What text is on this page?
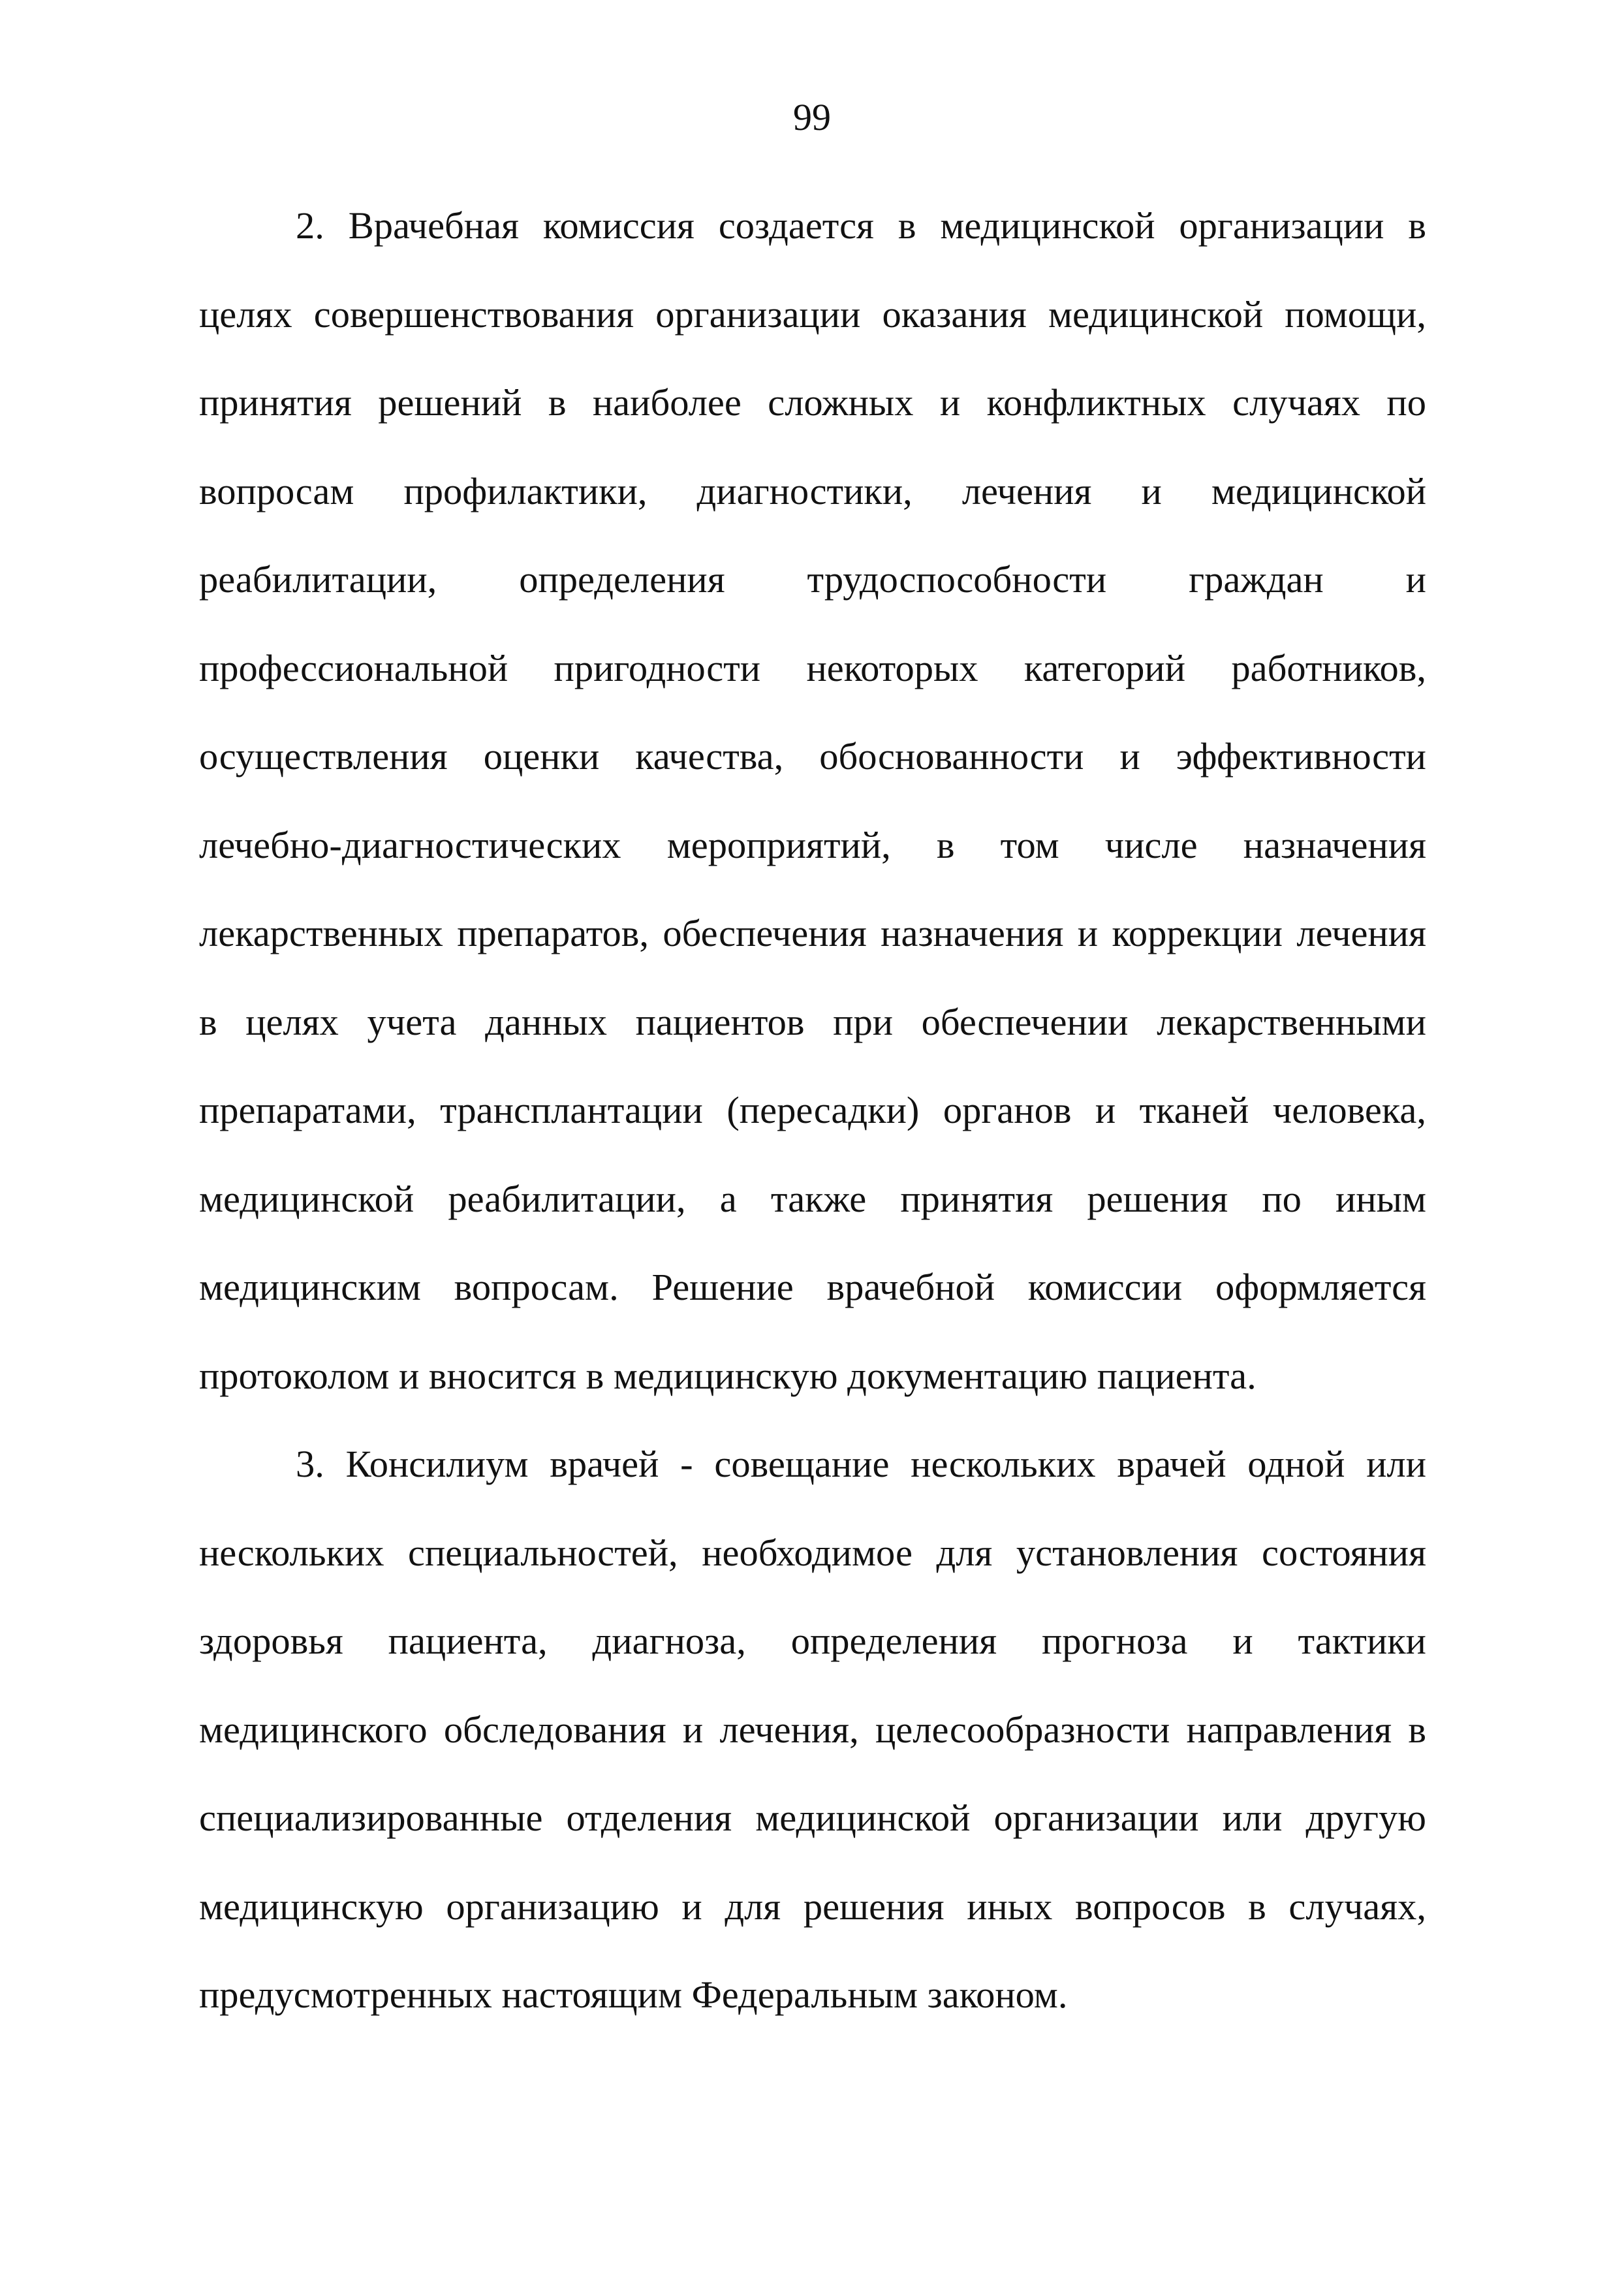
99

2. Врачебная комиссия создается в медицинской организации в целях совершенствования организации оказания медицинской помощи, принятия решений в наиболее сложных и конфликтных случаях по вопросам профилактики, диагностики, лечения и медицинской реабилитации, определения трудоспособности граждан и профессиональной пригодности некоторых категорий работников, осуществления оценки качества, обоснованности и эффективности лечебно-диагностических мероприятий, в том числе назначения лекарственных препаратов, обеспечения назначения и коррекции лечения в целях учета данных пациентов при обеспечении лекарственными препаратами, трансплантации (пересадки) органов и тканей человека, медицинской реабилитации, а также принятия решения по иным медицинским вопросам. Решение врачебной комиссии оформляется протоколом и вносится в медицинскую документацию пациента.

3. Консилиум врачей - совещание нескольких врачей одной или нескольких специальностей, необходимое для установления состояния здоровья пациента, диагноза, определения прогноза и тактики медицинского обследования и лечения, целесообразности направления в специализированные отделения медицинской организации или другую медицинскую организацию и для решения иных вопросов в случаях, предусмотренных настоящим Федеральным законом.
